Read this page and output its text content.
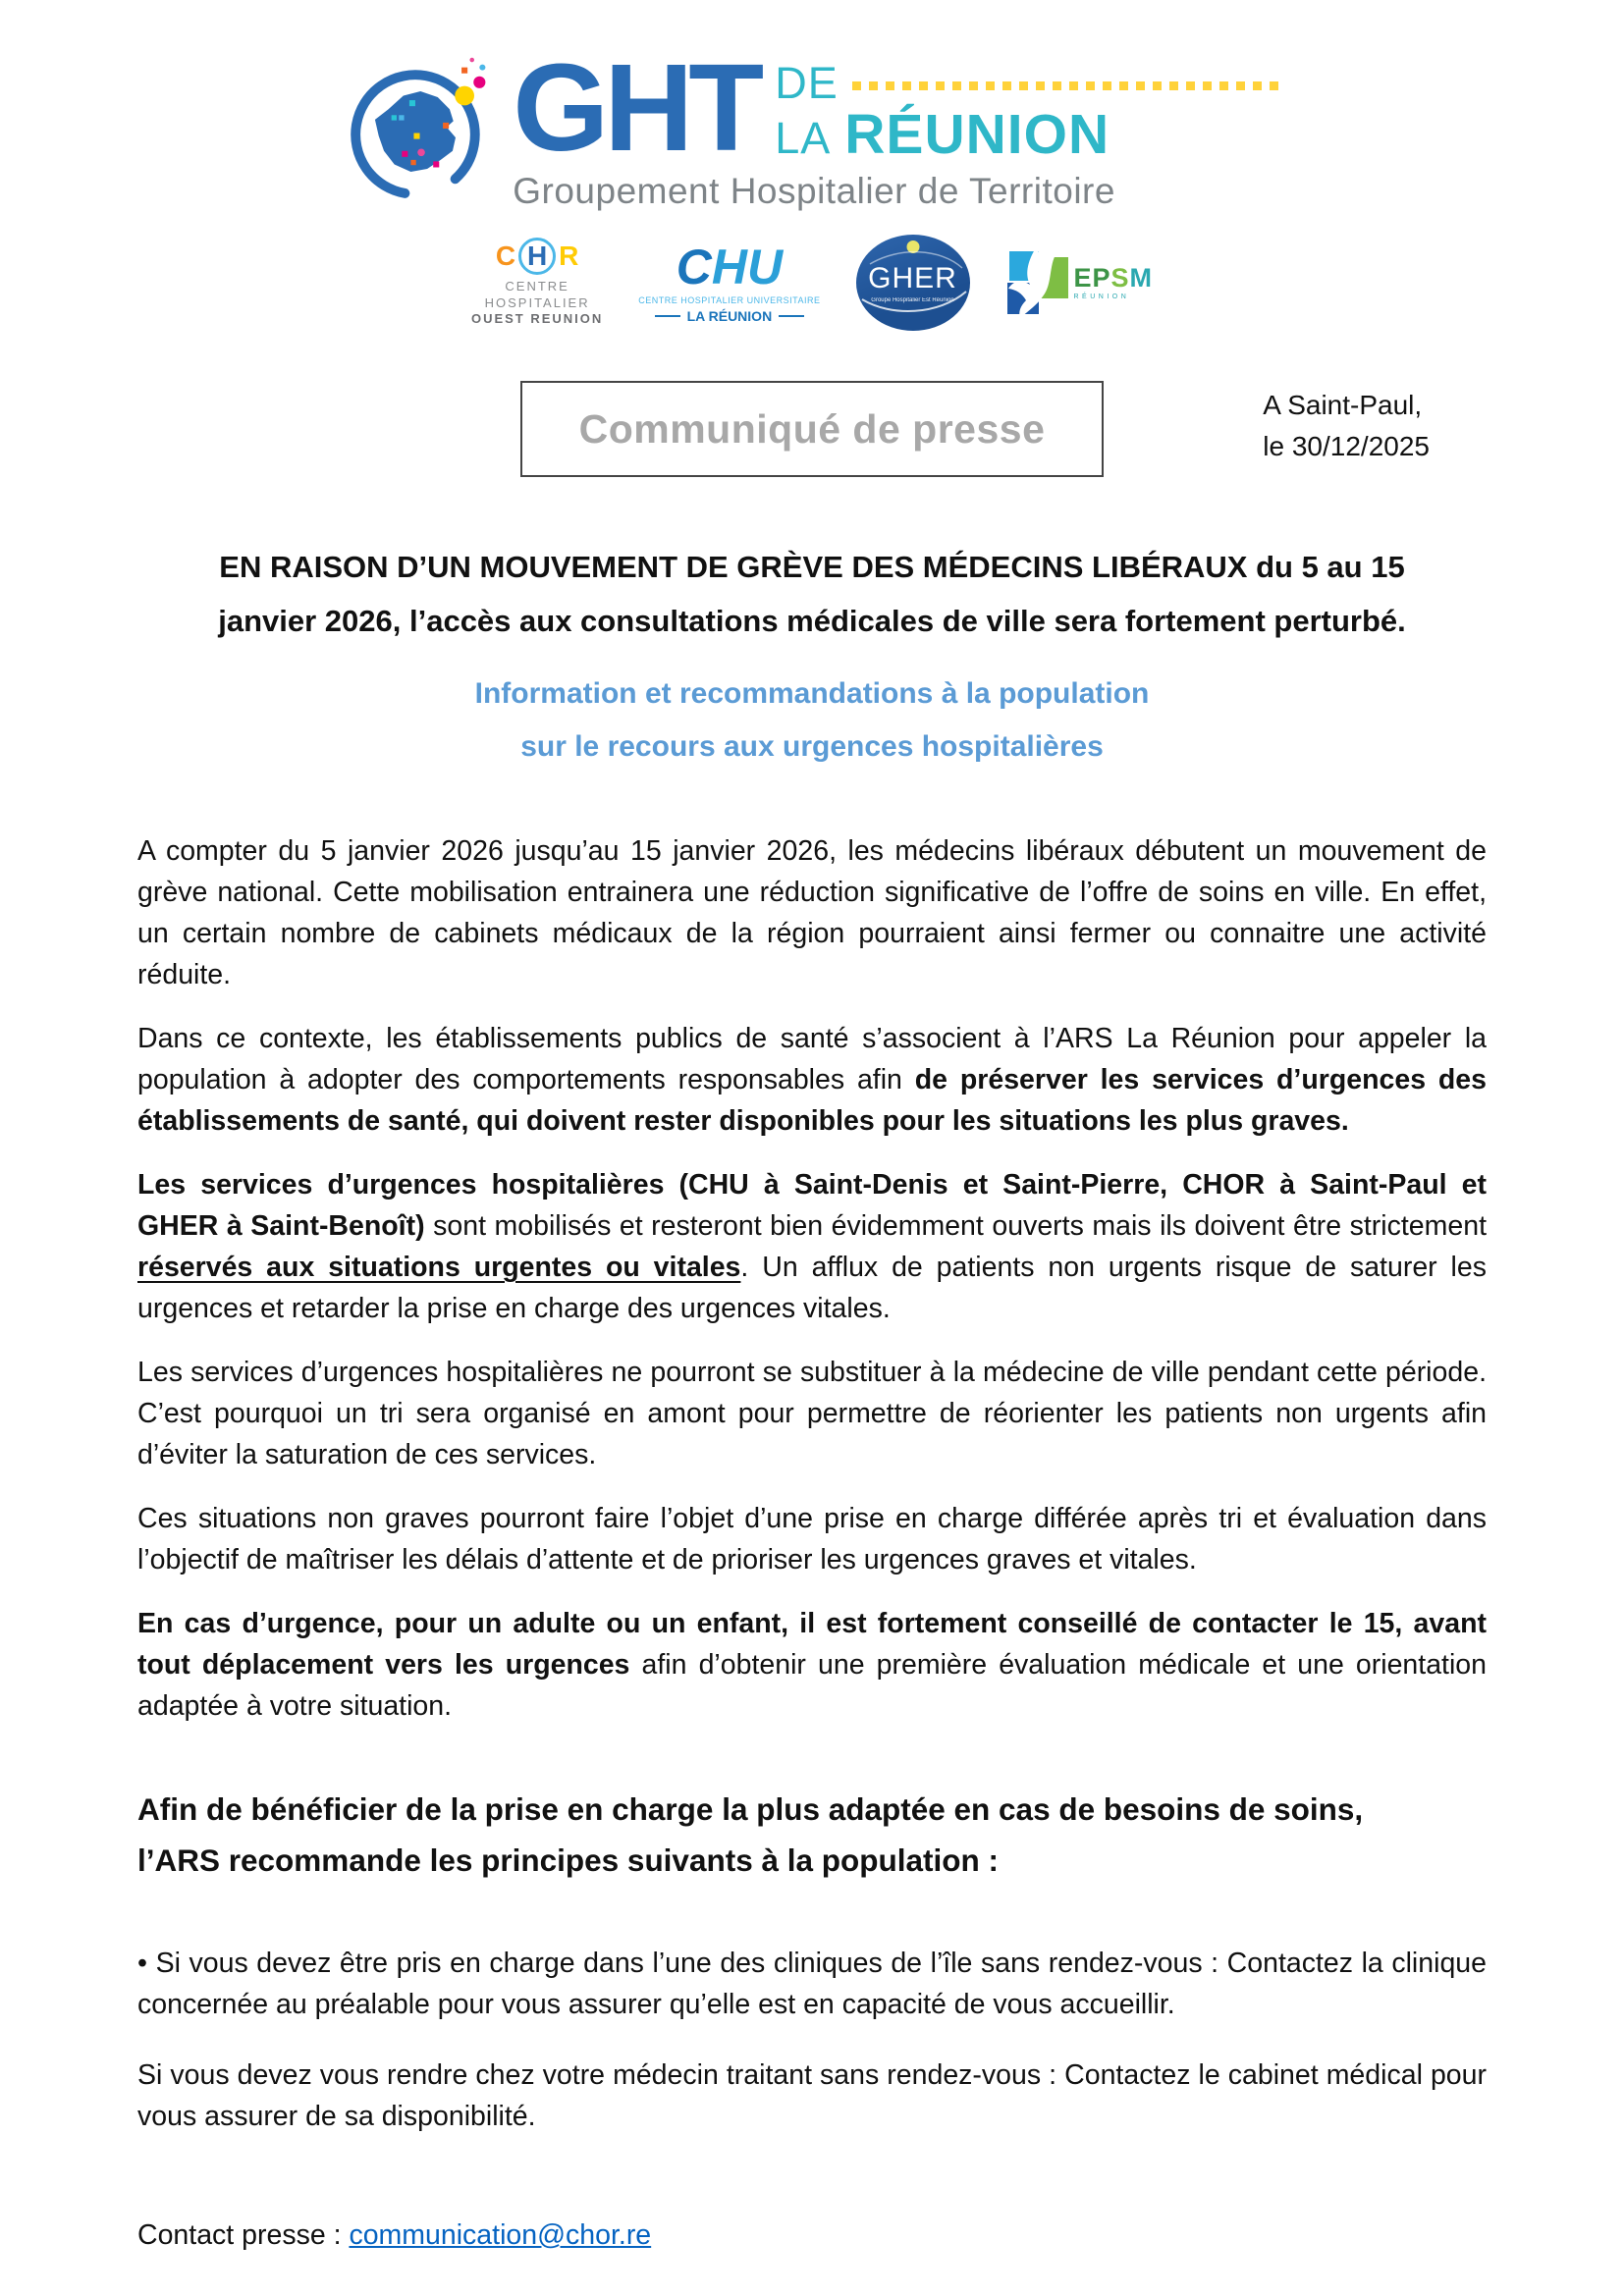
GHT DE
LA RÉUNION
Groupement Hospitalier de Territoire
C H R
CENTRE
HOSPITALIER
OUEST REUNION
CHU
CENTRE HOSPITALIER UNIVERSITAIRE
LA RÉUNION
GHER
Groupe Hospitalier Est Réunion
EPSM
RÉUNION
Communiqué de presse
A Saint-Paul,
le 30/12/2025
EN RAISON D’UN MOUVEMENT DE GRÈVE DES MÉDECINS LIBÉRAUX du 5 au 15
janvier 2026, l’accès aux consultations médicales de ville sera fortement perturbé.
Information et recommandations à la population
sur le recours aux urgences hospitalières

A compter du 5 janvier 2026 jusqu’au 15 janvier 2026, les médecins libéraux débutent un mouvement de grève national. Cette mobilisation entrainera une réduction significative de l’offre de soins en ville. En effet, un certain nombre de cabinets médicaux de la région pourraient ainsi fermer ou connaitre une activité réduite.

Dans ce contexte, les établissements publics de santé s’associent à l’ARS La Réunion pour appeler la population à adopter des comportements responsables afin de préserver les services d’urgences des établissements de santé, qui doivent rester disponibles pour les situations les plus graves.

Les services d’urgences hospitalières (CHU à Saint-Denis et Saint-Pierre, CHOR à Saint-Paul et GHER à Saint-Benoît) sont mobilisés et resteront bien évidemment ouverts mais ils doivent être strictement réservés aux situations urgentes ou vitales. Un afflux de patients non urgents risque de saturer les urgences et retarder la prise en charge des urgences vitales.

Les services d’urgences hospitalières ne pourront se substituer à la médecine de ville pendant cette période. C’est pourquoi un tri sera organisé en amont pour permettre de réorienter les patients non urgents afin d’éviter la saturation de ces services.

Ces situations non graves pourront faire l’objet d’une prise en charge différée après tri et évaluation dans l’objectif de maîtriser les délais d’attente et de prioriser les urgences graves et vitales.

En cas d’urgence, pour un adulte ou un enfant, il est fortement conseillé de contacter le 15, avant tout déplacement vers les urgences afin d’obtenir une première évaluation médicale et une orientation adaptée à votre situation.

Afin de bénéficier de la prise en charge la plus adaptée en cas de besoins de soins,
l’ARS recommande les principes suivants à la population :

• Si vous devez être pris en charge dans l’une des cliniques de l’île sans rendez-vous : Contactez la clinique concernée au préalable pour vous assurer qu’elle est en capacité de vous accueillir.

Si vous devez vous rendre chez votre médecin traitant sans rendez-vous : Contactez le cabinet médical pour vous assurer de sa disponibilité.

Contact presse : communication@chor.re
